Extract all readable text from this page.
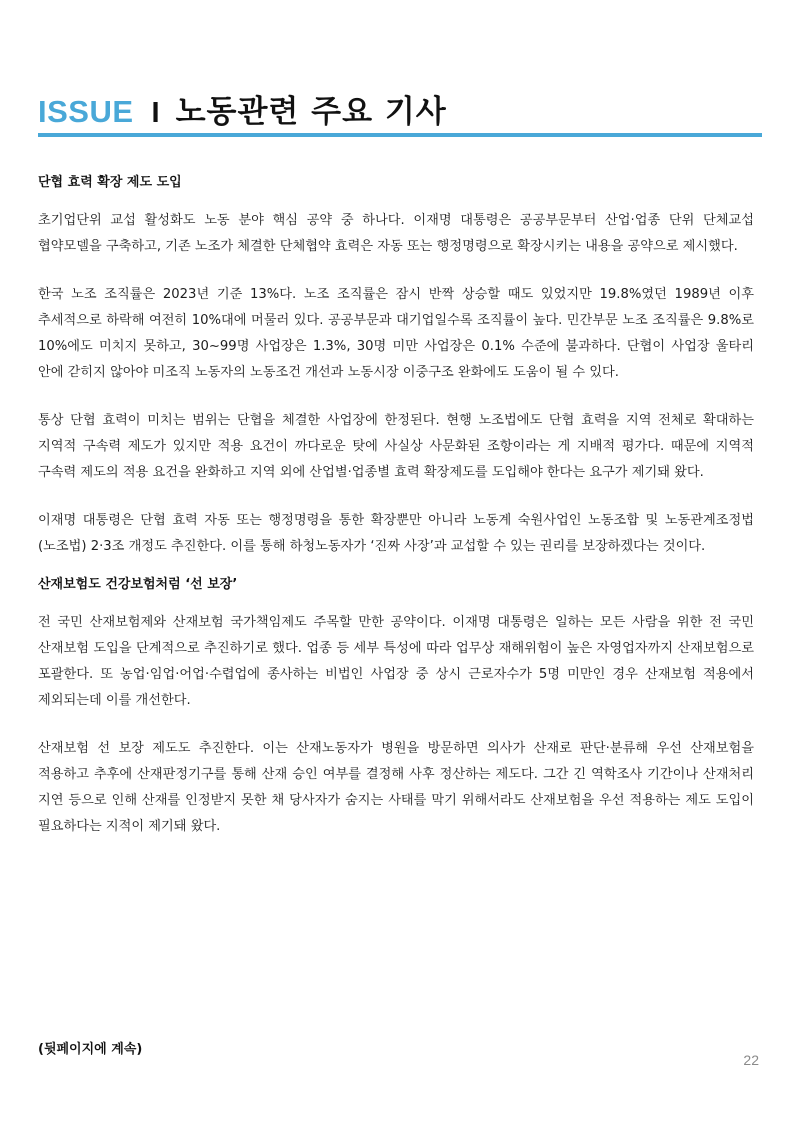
ISSUE I 노동관련 주요 기사

단협 효력 확장 제도 도입

초기업단위 교섭 활성화도 노동 분야 핵심 공약 중 하나다. 이재명 대통령은 공공부문부터 산업·업종 단위 단체교섭 협약모델을 구축하고, 기존 노조가 체결한 단체협약 효력은 자동 또는 행정명령으로 확장시키는 내용을 공약으로 제시했다.

한국 노조 조직률은 2023년 기준 13%다. 노조 조직률은 잠시 반짝 상승할 때도 있었지만 19.8%였던 1989년 이후 추세적으로 하락해 여전히 10%대에 머물러 있다. 공공부문과 대기업일수록 조직률이 높다. 민간부문 노조 조직률은 9.8%로 10%에도 미치지 못하고, 30~99명 사업장은 1.3%, 30명 미만 사업장은 0.1% 수준에 불과하다. 단협이 사업장 울타리 안에 갇히지 않아야 미조직 노동자의 노동조건 개선과 노동시장 이중구조 완화에도 도움이 될 수 있다.

통상 단협 효력이 미치는 범위는 단협을 체결한 사업장에 한정된다. 현행 노조법에도 단협 효력을 지역 전체로 확대하는 지역적 구속력 제도가 있지만 적용 요건이 까다로운 탓에 사실상 사문화된 조항이라는 게 지배적 평가다. 때문에 지역적 구속력 제도의 적용 요건을 완화하고 지역 외에 산업별·업종별 효력 확장제도를 도입해야 한다는 요구가 제기돼 왔다.

이재명 대통령은 단협 효력 자동 또는 행정명령을 통한 확장뿐만 아니라 노동계 숙원사업인 노동조합 및 노동관계조정법(노조법) 2·3조 개정도 추진한다. 이를 통해 하청노동자가 ‘진짜 사장’과 교섭할 수 있는 권리를 보장하겠다는 것이다.

산재보험도 건강보험처럼 ‘선 보장’

전 국민 산재보험제와 산재보험 국가책임제도 주목할 만한 공약이다. 이재명 대통령은 일하는 모든 사람을 위한 전 국민 산재보험 도입을 단계적으로 추진하기로 했다. 업종 등 세부 특성에 따라 업무상 재해위험이 높은 자영업자까지 산재보험으로 포괄한다. 또 농업·임업·어업·수렵업에 종사하는 비법인 사업장 중 상시 근로자수가 5명 미만인 경우 산재보험 적용에서 제외되는데 이를 개선한다.

산재보험 선 보장 제도도 추진한다. 이는 산재노동자가 병원을 방문하면 의사가 산재로 판단·분류해 우선 산재보험을 적용하고 추후에 산재판정기구를 통해 산재 승인 여부를 결정해 사후 정산하는 제도다. 그간 긴 역학조사 기간이나 산재처리 지연 등으로 인해 산재를 인정받지 못한 채 당사자가 숨지는 사태를 막기 위해서라도 산재보험을 우선 적용하는 제도 도입이 필요하다는 지적이 제기돼 왔다.

(뒷페이지에 계속)
22
